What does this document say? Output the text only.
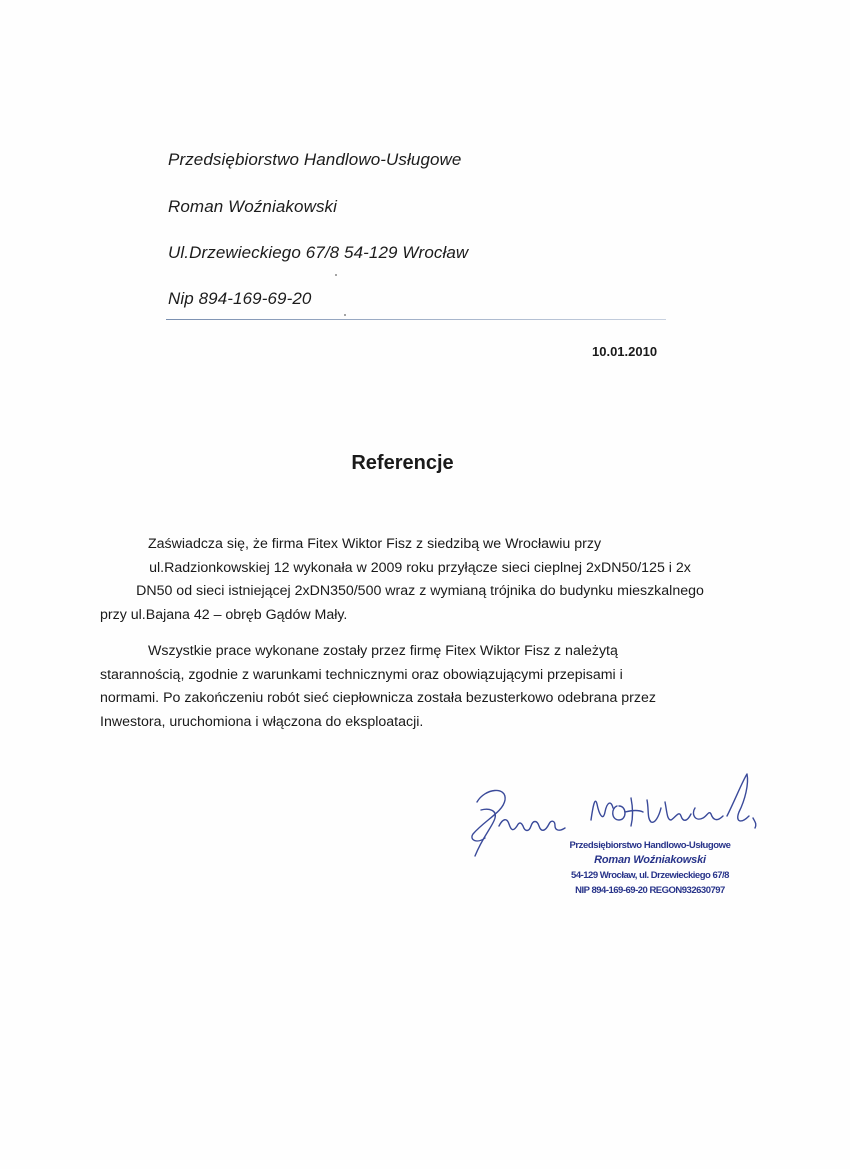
Przedsiębiorstwo Handlowo-Usługowe
Roman Woźniakowski
Ul.Drzewieckiego 67/8 54-129 Wrocław
Nip 894-169-69-20
10.01.2010
Referencje
Zaświadcza się, że firma Fitex Wiktor Fisz z siedzibą we Wrocławiu przy
ul.Radzionkowskiej 12 wykonała w 2009 roku przyłącze sieci cieplnej 2xDN50/125 i 2x
DN50 od sieci istniejącej 2xDN350/500 wraz z wymianą trójnika do budynku mieszkalnego
przy ul.Bajana 42 – obręb Gądów Mały.
Wszystkie prace wykonane zostały przez firmę Fitex Wiktor Fisz z należytą
starannością, zgodnie z warunkami technicznymi oraz obowiązującymi przepisami i
normami. Po zakończeniu robót sieć ciepłownicza została bezusterkowo odebrana przez
Inwestora, uruchomiona i włączona do eksploatacji.
Przedsiębiorstwo Handlowo-Usługowe
Roman Woźniakowski
54-129 Wrocław, ul. Drzewieckiego 67/8
NIP 894-169-69-20 REGON932630797
